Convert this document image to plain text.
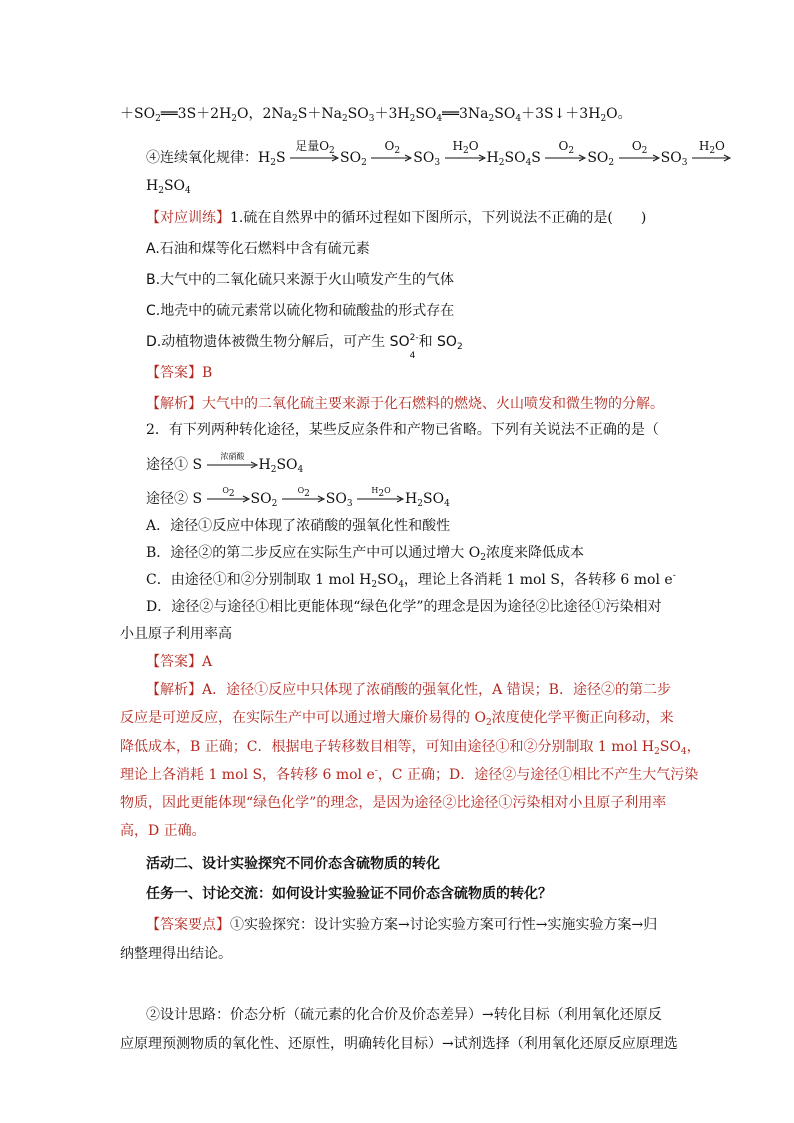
$+SO_2══3S+2H_2O$，$2Na_2S+Na_2SO_3+3H_2SO_4══3Na_2SO_4+3S↓+3H_2O$。
④连续氧化规律：$H_2S$
足量$O_2$ $SO_2$
$O_2$ $SO_3$
$H_2O$
$H_2SO_4S$
$O_2$ $SO_2$
$O_2$ $SO_3$
$H_2O$
$H_2SO_4$
【对应训练】1.硫在自然界中的循环过程如下图所示，下列说法不正确的是(　　)
A.石油和煤等化石燃料中含有硫元素
B.大气中的二氧化硫只来源于火山喷发产生的气体
C.地壳中的硫元素常以硫化物和硫酸盐的形式存在
D.动植物遗体被微生物分解后，可产生 $SO^{2-}$
4
和 $SO_2$
【答案】B
【解析】大气中的二氧化硫主要来源于化石燃料的燃烧、火山喷发和微生物的分解。
2．有下列两种转化途径，某些反应条件和产物已省略。下列有关说法不正确的是（
途径① S
浓硝酸
$H_2SO_4$
途径② S
$O_2$	$SO_2$
$O_2$	$SO_3$
$H_2O$
$H_2SO_4$
A．途径①反应中体现了浓硝酸的强氧化性和酸性
B．途径②的第二步反应在实际生产中可以通过增大 $O_2$浓度来降低成本
C．由途径①和②分别制取 1 mol $H_2SO_4$，理论上各消耗 1 mol S，各转移 6 mol e-
D．途径②与途径①相比更能体现“绿色化学”的理念是因为途径②比途径①污染相对
小且原子利用率高
【答案】A
【解析】A．途径①反应中只体现了浓硝酸的强氧化性，A 错误；B．途径②的第二步
反应是可逆反应，在实际生产中可以通过增大廉价易得的 $O_2$浓度使化学平衡正向移动，来
降低成本，B 正确；C．根据电子转移数目相等，可知由途径①和②分别制取 1 mol $H_2SO_4$，
理论上各消耗 1 mol S，各转移 6 mol e-，C 正确；D．途径②与途径①相比不产生大气污染
物质，因此更能体现“绿色化学”的理念，是因为途径②比途径①污染相对小且原子利用率
高，D 正确。
活动二、设计实验探究不同价态含硫物质的转化
任务一、讨论交流：如何设计实验验证不同价态含硫物质的转化？
【答案要点】①实验探究：设计实验方案→讨论实验方案可行性→实施实验方案→归
纳整理得出结论。
②设计思路：价态分析（硫元素的化合价及价态差异）→转化目标（利用氧化还原反
应原理预测物质的氧化性、还原性，明确转化目标）→试剂选择（利用氧化还原反应原理选
